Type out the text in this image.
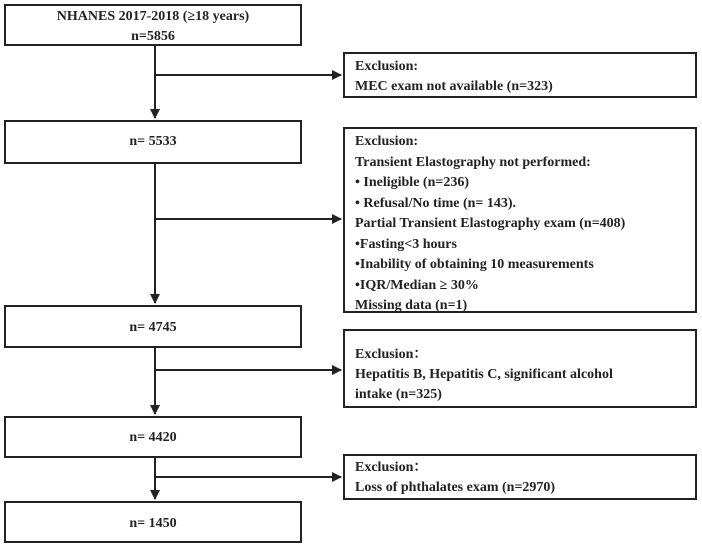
NHANES 2017-2018 (≥18 years)
n=5856
n= 5533
n= 4745
n= 4420
n= 1450
Exclusion:
MEC exam not available (n=323)
Exclusion:
Transient Elastography not performed:
• Ineligible (n=236)
• Refusal/No time (n= 143).
Partial Transient Elastography exam (n=408)
•Fasting<3 hours
•Inability of obtaining 10 measurements
•IQR/Median ≥ 30%
Missing data (n=1)
Exclusion：
Hepatitis B, Hepatitis C, significant alcohol
intake (n=325)
Exclusion：
Loss of phthalates exam (n=2970)
